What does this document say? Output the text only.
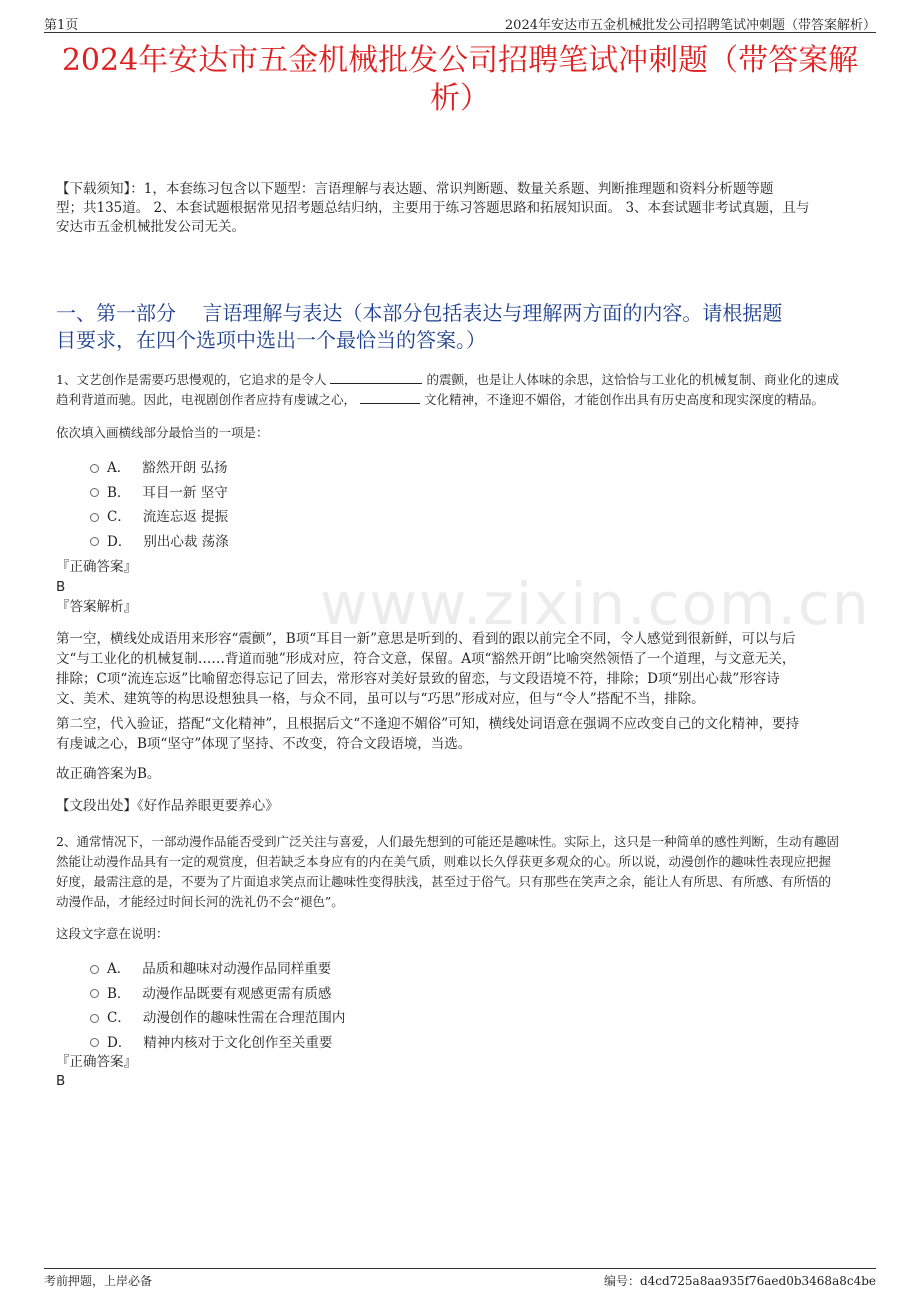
www.zixin.com.cn
第1页	2024年安达市五金机械批发公司招聘笔试冲刺题（带答案解析）
2024年安达市五金机械批发公司招聘笔试冲刺题（带答案解
析）
【下载须知】：1，本套练习包含以下题型：言语理解与表达题、常识判断题、数量关系题、判断推理题和资料分析题等题
型；共135道。 2、本套试题根据常见招考题总结归纳，主要用于练习答题思路和拓展知识面。 3、本套试题非考试真题，且与
安达市五金机械批发公司无关。
一、第一部分　 言语理解与表达（本部分包括表达与理解两方面的内容。请根据题
目要求，在四个选项中选出一个最恰当的答案。）
1、文艺创作是需要巧思慢观的，它追求的是令人	的震颤，也是让人体味的余思，这恰恰与工业化的机械复制、商业化的速成
趋利背道而驰。因此，电视剧创作者应持有虔诚之心，	文化精神，不逢迎不媚俗，才能创作出具有历史高度和现实深度的精品。
依次填入画横线部分最恰当的一项是：
A． 豁然开朗 弘扬
B． 耳目一新 坚守
C． 流连忘返 提振
D． 别出心裁 荡涤
『正确答案』
B
『答案解析』
第一空，横线处成语用来形容“震颤”，B项“耳目一新”意思是听到的、看到的跟以前完全不同，令人感觉到很新鲜，可以与后
文“与工业化的机械复制……背道而驰”形成对应，符合文意，保留。A项“豁然开朗”比喻突然领悟了一个道理，与文意无关，
排除；C项“流连忘返”比喻留恋得忘记了回去，常形容对美好景致的留恋，与文段语境不符，排除；D项“别出心裁”形容诗
文、美术、建筑等的构思设想独具一格，与众不同，虽可以与“巧思”形成对应，但与“令人”搭配不当，排除。
第二空，代入验证，搭配“文化精神”，且根据后文“不逢迎不媚俗”可知，横线处词语意在强调不应改变自己的文化精神，要持
有虔诚之心，B项“坚守”体现了坚持、不改变，符合文段语境，当选。
故正确答案为B。
【文段出处】《好作品养眼更要养心》
2、通常情况下，一部动漫作品能否受到广泛关注与喜爱，人们最先想到的可能还是趣味性。实际上，这只是一种简单的感性判断，生动有趣固
然能让动漫作品具有一定的观赏度，但若缺乏本身应有的内在美气质，则难以长久俘获更多观众的心。所以说，动漫创作的趣味性表现应把握
好度，最需注意的是，不要为了片面追求笑点而让趣味性变得肤浅，甚至过于俗气。只有那些在笑声之余，能让人有所思、有所感、有所悟的
动漫作品，才能经过时间长河的洗礼仍不会“褪色”。
这段文字意在说明：
A． 品质和趣味对动漫作品同样重要
B． 动漫作品既要有观感更需有质感
C． 动漫创作的趣味性需在合理范围内
D． 精神内核对于文化创作至关重要
『正确答案』
B
考前押题，上岸必备	编号：d4cd725a8aa935f76aed0b3468a8c4be
